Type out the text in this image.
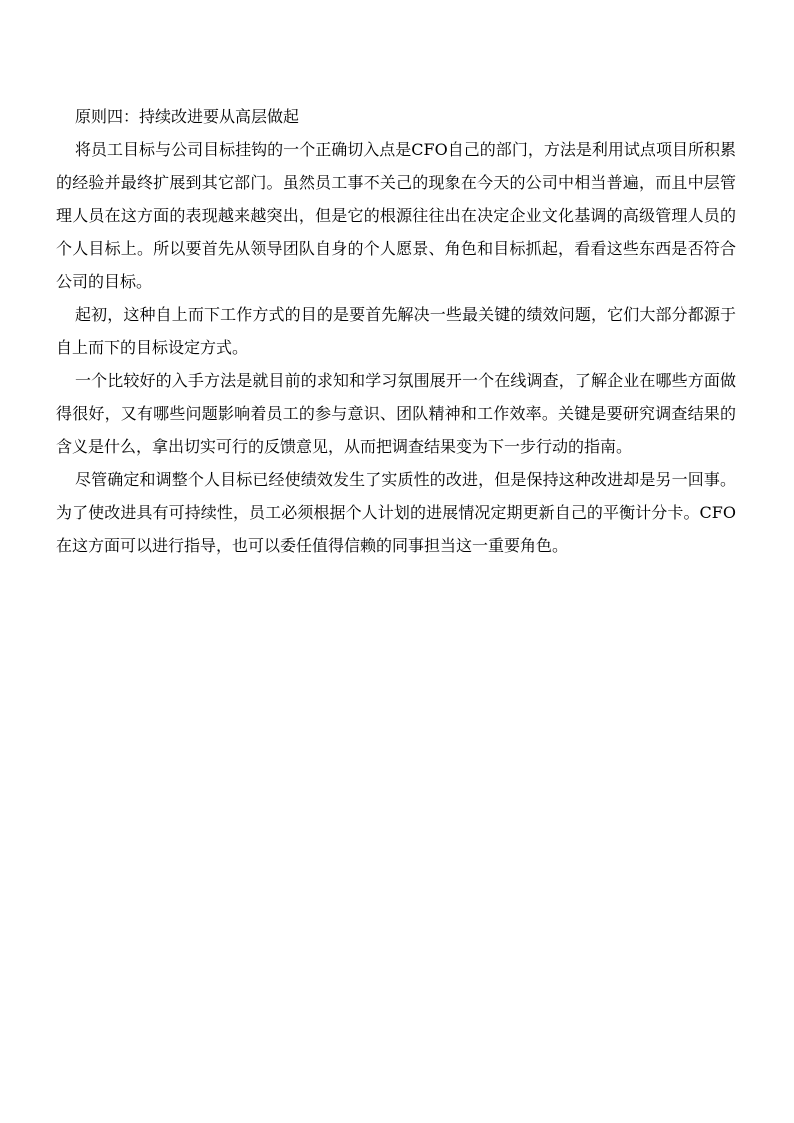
原则四：持续改进要从高层做起

将员工目标与公司目标挂钩的一个正确切入点是CFO自己的部门，方法是利用试点项目所积累的经验并最终扩展到其它部门。虽然员工事不关己的现象在今天的公司中相当普遍，而且中层管理人员在这方面的表现越来越突出，但是它的根源往往出在决定企业文化基调的高级管理人员的个人目标上。所以要首先从领导团队自身的个人愿景、角色和目标抓起，看看这些东西是否符合公司的目标。

起初，这种自上而下工作方式的目的是要首先解决一些最关键的绩效问题，它们大部分都源于自上而下的目标设定方式。

一个比较好的入手方法是就目前的求知和学习氛围展开一个在线调查，了解企业在哪些方面做得很好，又有哪些问题影响着员工的参与意识、团队精神和工作效率。关键是要研究调查结果的含义是什么，拿出切实可行的反馈意见，从而把调查结果变为下一步行动的指南。

尽管确定和调整个人目标已经使绩效发生了实质性的改进，但是保持这种改进却是另一回事。为了使改进具有可持续性，员工必须根据个人计划的进展情况定期更新自己的平衡计分卡。CFO在这方面可以进行指导，也可以委任值得信赖的同事担当这一重要角色。
